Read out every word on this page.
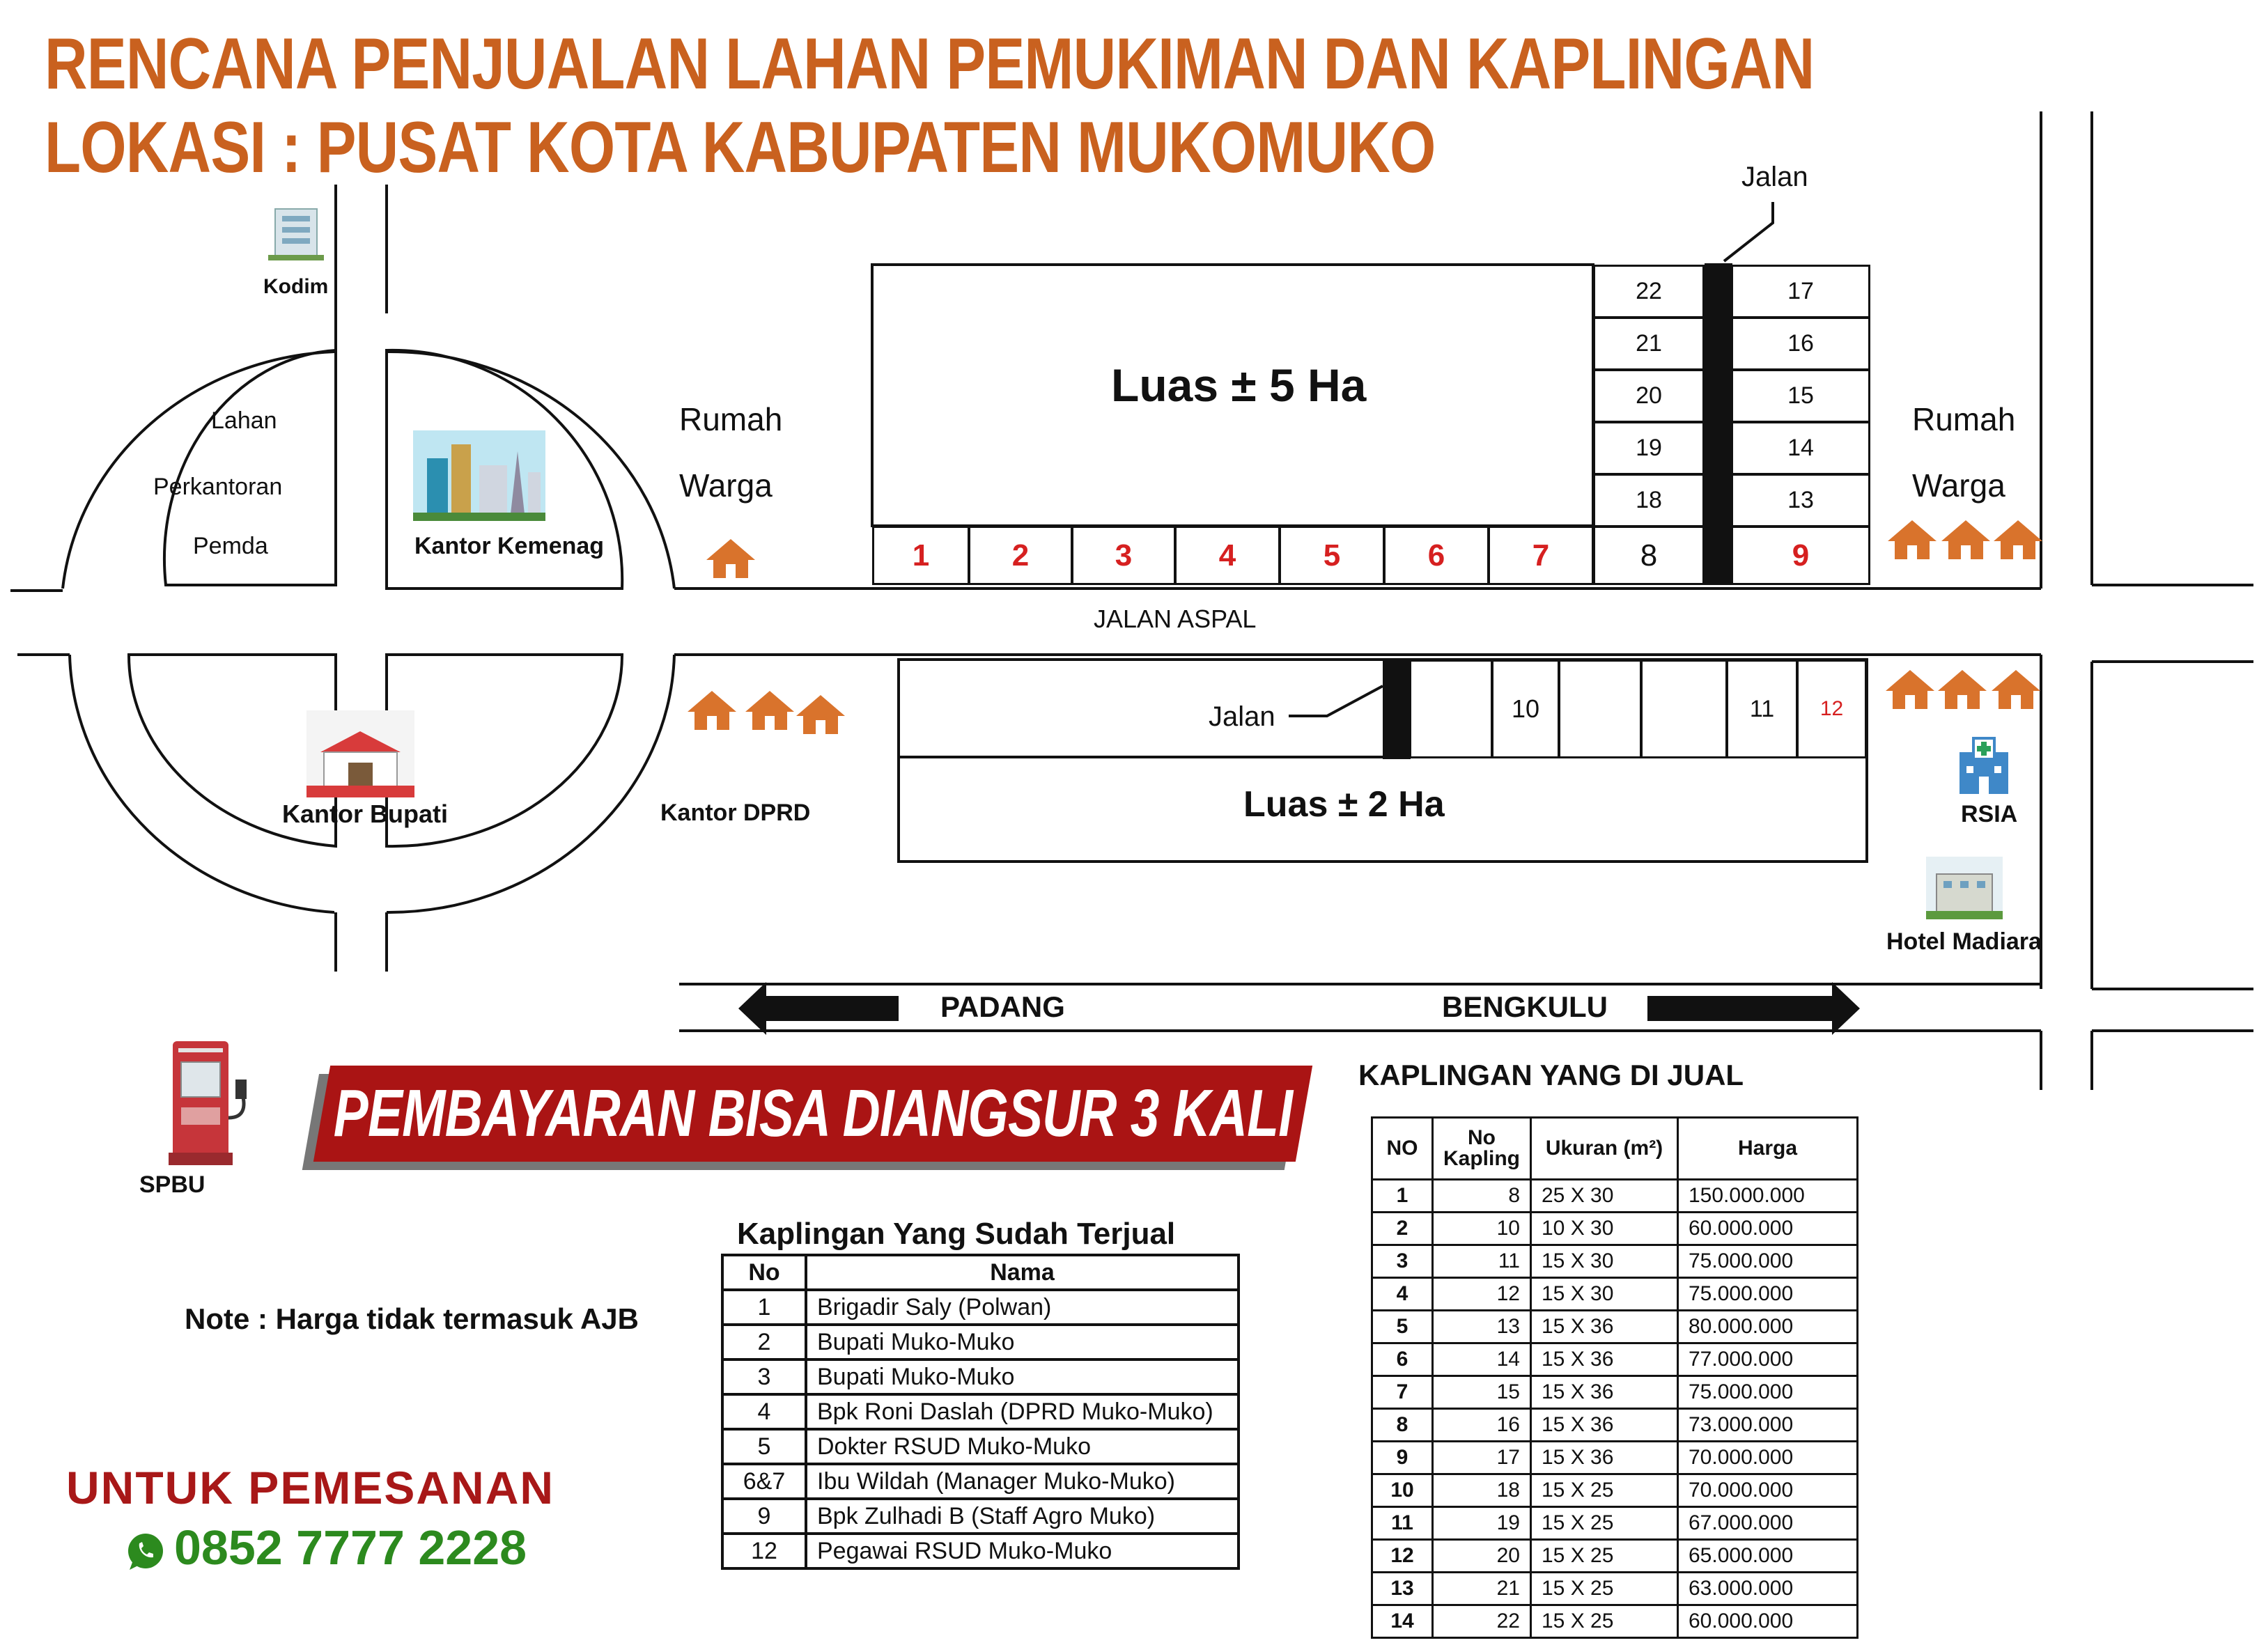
RENCANA PENJUALAN LAHAN PEMUKIMAN DAN KAPLINGAN
LOKASI : PUSAT KOTA KABUPATEN MUKOMUKO
1	2	3	4	5	6	7	8	9
22
21
20
19
18
17
16
15
14
13
10	11 12
Luas ± 5 Ha
Luas ± 2 Ha
Jalan
Jalan
JALAN ASPAL
Rumah
Warga
Rumah
Warga
Lahan
Perkantoran
Pemda
Kodim
Kantor Kemenag
Kantor Bupati	Kantor DPRD	RSIA
Hotel Madiara
PADANG	BENGKULU
SPBU
PEMBAYARAN BISA DIANGSUR 3 KALI
Note : Harga tidak termasuk AJB
UNTUK PEMESANAN
0852 7777 2228
Kaplingan Yang Sudah Terjual
No	Nama
1	Brigadir Saly (Polwan)
2	Bupati Muko-Muko
3	Bupati Muko-Muko
4	Bpk Roni Daslah (DPRD Muko-Muko)
5	Dokter RSUD Muko-Muko
6&7	Ibu Wildah (Manager Muko-Muko)
9	Bpk Zulhadi B (Staff Agro Muko)
12	Pegawai RSUD Muko-Muko
KAPLINGAN YANG DI JUAL
NO	No Kapling	Ukuran (m²)	Harga
1	8	25 X 30	150.000.000
2	10	10 X 30	60.000.000
3	11	15 X 30	75.000.000
4	12	15 X 30	75.000.000
5	13	15 X 36	80.000.000
6	14	15 X 36	77.000.000
7	15	15 X 36	75.000.000
8	16	15 X 36	73.000.000
9	17	15 X 36	70.000.000
10	18	15 X 25	70.000.000
11	19	15 X 25	67.000.000
12	20	15 X 25	65.000.000
13	21	15 X 25	63.000.000
14	22	15 X 25	60.000.000
